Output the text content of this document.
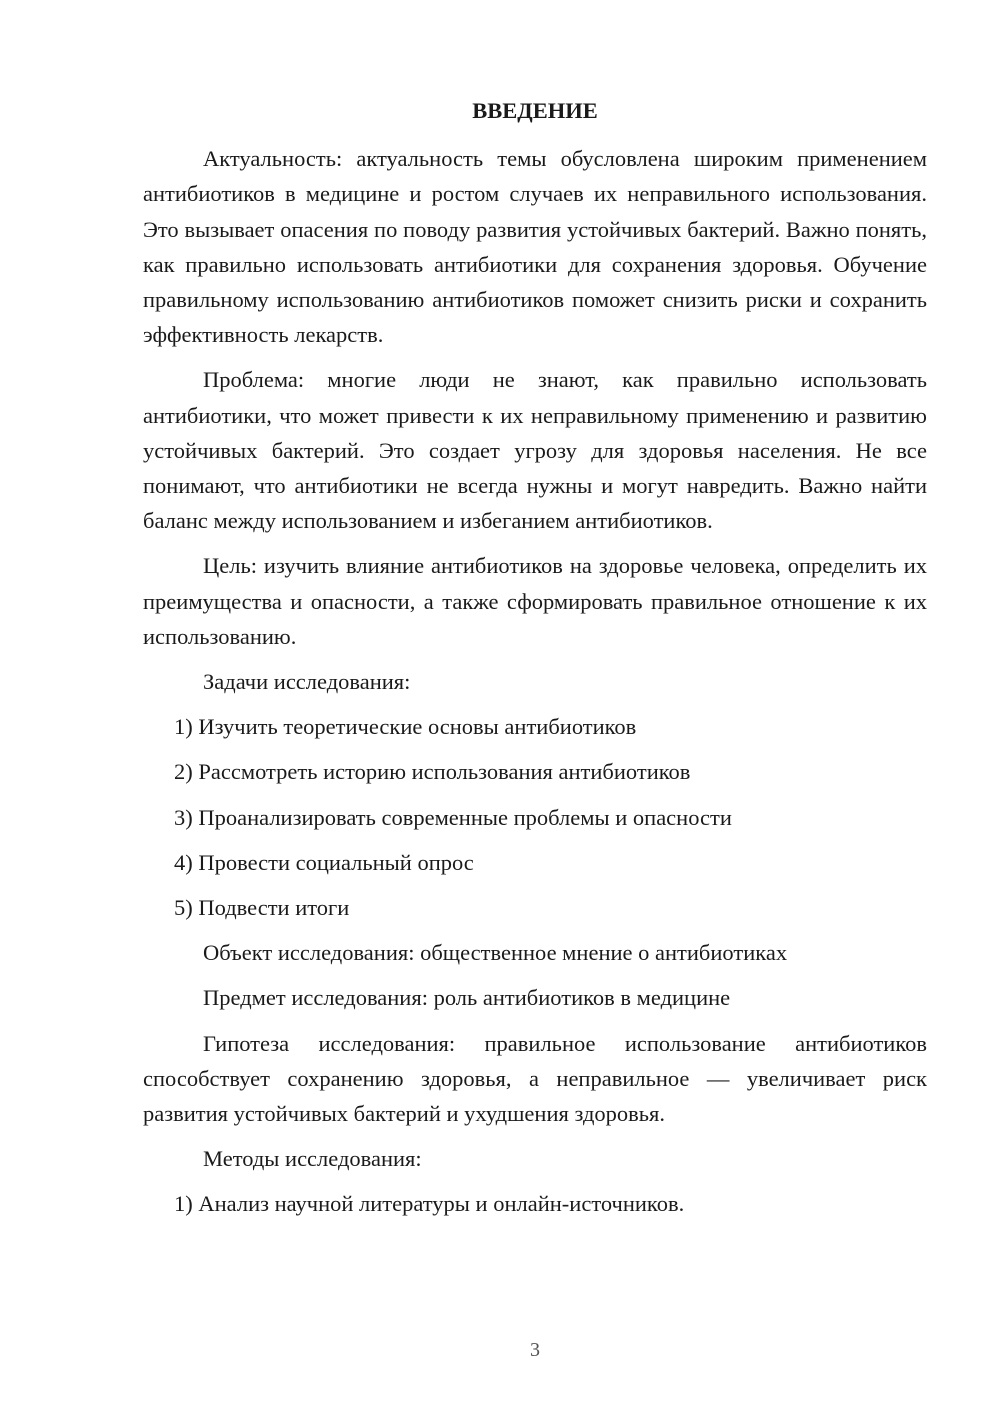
ВВЕДЕНИЕ

Актуальность: актуальность темы обусловлена широким применением антибиотиков в медицине и ростом случаев их неправильного использования. Это вызывает опасения по поводу развития устойчивых бактерий. Важно понять, как правильно использовать антибиотики для сохранения здоровья. Обучение правильному использованию антибиотиков поможет снизить риски и сохранить эффективность лекарств.

Проблема: многие люди не знают, как правильно использовать антибиотики, что может привести к их неправильному применению и развитию устойчивых бактерий. Это создает угрозу для здоровья населения. Не все понимают, что антибиотики не всегда нужны и могут навредить. Важно найти баланс между использованием и избеганием антибиотиков.

Цель: изучить влияние антибиотиков на здоровье человека, определить их преимущества и опасности, а также сформировать правильное отношение к их использованию.

Задачи исследования:

1) Изучить теоретические основы антибиотиков

2) Рассмотреть историю использования антибиотиков

3) Проанализировать современные проблемы и опасности

4) Провести социальный опрос

5) Подвести итоги

Объект исследования: общественное мнение о антибиотиках

Предмет исследования: роль антибиотиков в медицине

Гипотеза исследования: правильное использование антибиотиков способствует сохранению здоровья, а неправильное — увеличивает риск развития устойчивых бактерий и ухудшения здоровья.

Методы исследования:

1) Анализ научной литературы и онлайн-источников.

3
